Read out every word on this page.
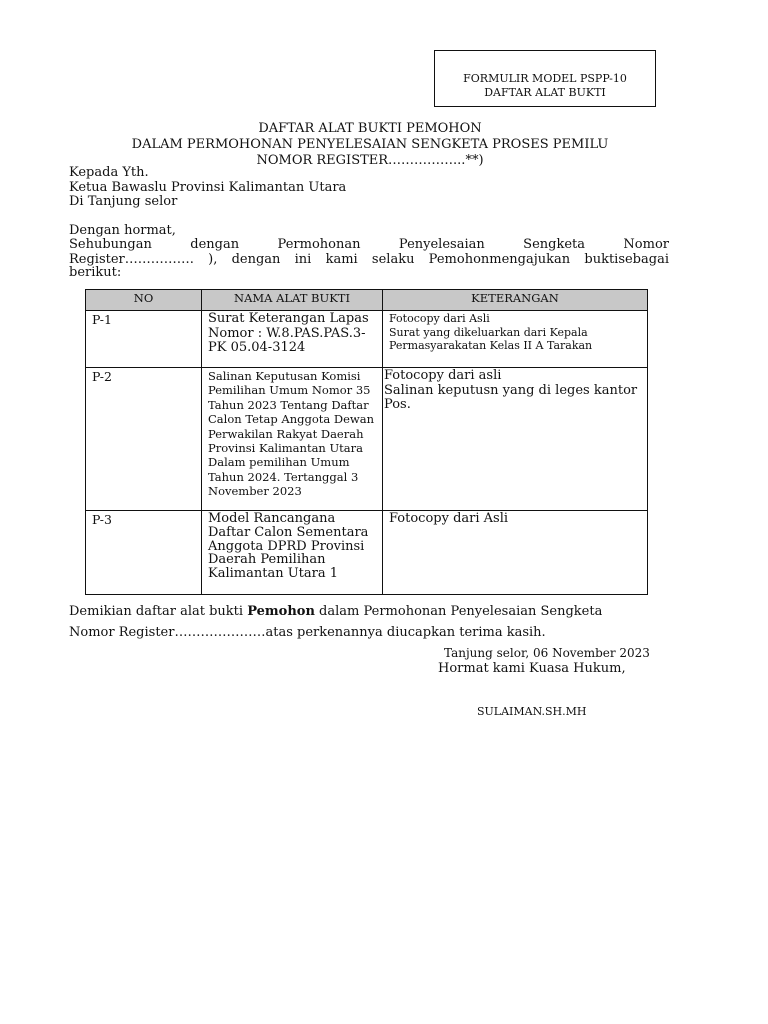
FORMULIR MODEL PSPP-10
DAFTAR ALAT BUKTI
DAFTAR ALAT BUKTI PEMOHON
DALAM PERMOHONAN PENYELESAIAN SENGKETA PROSES PEMILU
NOMOR REGISTER……………...**)
Kepada Yth.
Ketua Bawaslu Provinsi Kalimantan Utara
Di Tanjung selor
Dengan hormat,
Sehubungan dengan Permohonan Penyelesaian Sengketa Nomor
Register……………. ), dengan ini kami selaku Pemohonmengajukan buktisebagai
berikut:
NO	NAMA ALAT BUKTI	KETERANGAN
P-1	Surat Keterangan Lapas Nomor : W.8.PAS.PAS.3-PK 05.04-3124	Fotocopy dari Asli
Surat yang dikeluarkan dari Kepala Permasyarakatan Kelas II A Tarakan

P-2	Salinan Keputusan Komisi Pemilihan Umum Nomor 35 Tahun 2023 Tentang Daftar Calon Tetap Anggota Dewan Perwakilan Rakyat Daerah Provinsi Kalimantan Utara Dalam pemilihan Umum Tahun 2024. Tertanggal 3 November 2023	Fotocopy dari asli
Salinan keputusn yang di leges kantor Pos.

P-3	Model Rancangana Daftar Calon Sementara Anggota DPRD Provinsi Daerah Pemilihan Kalimantan Utara 1	Fotocopy dari Asli
Demikian daftar alat bukti Pemohon dalam Permohonan Penyelesaian Sengketa
Nomor Register…………………atas perkenannya diucapkan terima kasih.
Tanjung selor, 06 November 2023
Hormat kami Kuasa Hukum,
SULAIMAN.SH.MH
